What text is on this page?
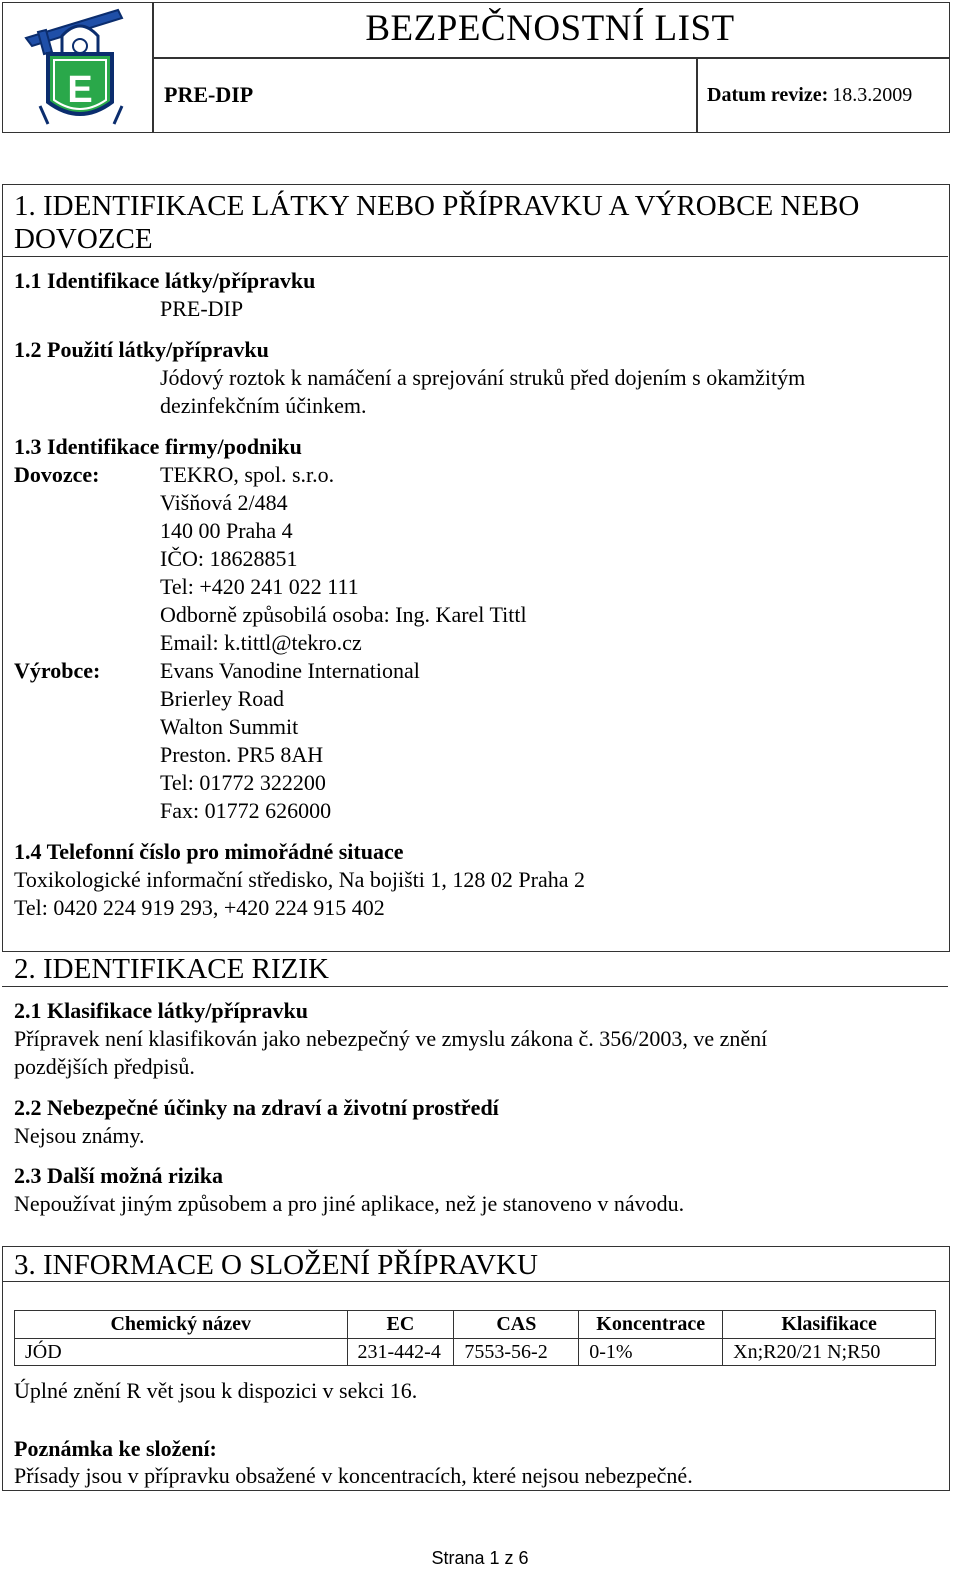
E
BEZPEČNOSTNÍ LIST
PRE-DIP	Datum revize: 18.3.2009
1. IDENTIFIKACE LÁTKY NEBO PŘÍPRAVKU A VÝROBCE NEBO DOVOZCE
1.1 Identifikace látky/přípravku
PRE-DIP
1.2 Použití látky/přípravku
Jódový roztok k namáčení a sprejování struků před dojením s okamžitým
dezinfekčním účinkem.
1.3 Identifikace firmy/podniku
Dovozce:	TEKRO, spol. s.r.o.
Višňová 2/484
140 00 Praha 4
IČO: 18628851
Tel: +420 241 022 111
Odborně způsobilá osoba: Ing. Karel Tittl
Email: k.tittl@tekro.cz
Výrobce:	Evans Vanodine International
Brierley Road
Walton Summit
Preston. PR5 8AH
Tel: 01772 322200
Fax: 01772 626000
1.4 Telefonní číslo pro mimořádné situace
Toxikologické informační středisko, Na bojišti 1, 128 02 Praha 2
Tel: 0420 224 919 293, +420 224 915 402
2. IDENTIFIKACE RIZIK
2.1 Klasifikace látky/přípravku
Přípravek není klasifikován jako nebezpečný ve zmyslu zákona č. 356/2003, ve znění
pozdějších předpisů.
2.2 Nebezpečné účinky na zdraví a životní prostředí
Nejsou známy.
2.3 Další možná rizika
Nepoužívat jiným způsobem a pro jiné aplikace, než je stanoveno v návodu.
3. INFORMACE O SLOŽENÍ PŘÍPRAVKU
Chemický název	EC	CAS	Koncentrace	Klasifikace
JÓD	231-442-4	7553-56-2	0-1%	Xn;R20/21 N;R50
Úplné znění R vět jsou k dispozici v sekci 16.
Poznámka ke složení:
Přísady jsou v přípravku obsažené v koncentracích, které nejsou nebezpečné.
Strana 1 z 6
